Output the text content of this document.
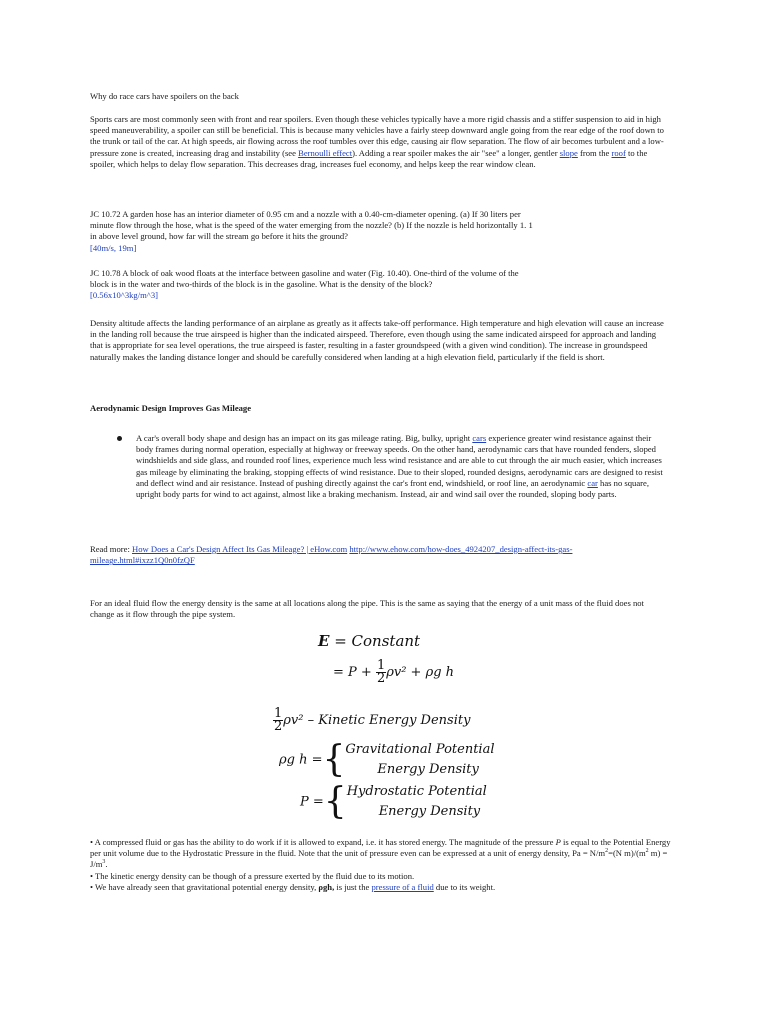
Why do race cars have spoilers on the back

Sports cars are most commonly seen with front and rear spoilers. Even though these vehicles typically have a more rigid chassis and a stiffer suspension to aid in high speed maneuverability, a spoiler can still be beneficial. This is because many vehicles have a fairly steep downward angle going from the rear edge of the roof down to the trunk or tail of the car. At high speeds, air flowing across the roof tumbles over this edge, causing air flow separation. The flow of air becomes turbulent and a low-pressure zone is created, increasing drag and instability (see Bernoulli effect). Adding a rear spoiler makes the air "see" a longer, gentler slope from the roof to the spoiler, which helps to delay flow separation. This decreases drag, increases fuel economy, and helps keep the rear window clean.

JC 10.72 A garden hose has an interior diameter of 0.95 cm and a nozzle with a 0.40-cm-diameter opening. (a) If 30 liters per
minute flow through the hose, what is the speed of the water emerging from the nozzle? (b) If the nozzle is held horizontally 1. 1
in above level ground, how far will the stream go before it hits the ground?
[40m/s, 19m]
JC 10.78 A block of oak wood floats at the interface between gasoline and water (Fig. 10.40). One-third of the volume of the
block is in the water and two-thirds of the block is in the gasoline. What is the density of the block?
[0.56x10^3kg/m^3]

Density altitude affects the landing performance of an airplane as greatly as it affects take-off performance. High temperature and high elevation will cause an increase in the landing roll because the true airspeed is higher than the indicated airspeed. Therefore, even though using the same indicated airspeed for approach and landing that is appropriate for sea level operations, the true airspeed is faster, resulting in a faster groundspeed (with a given wind condition). The increase in groundspeed naturally makes the landing distance longer and should be carefully considered when landing at a high elevation field, particularly if the field is short.

Aerodynamic Design Improves Gas Mileage

A car's overall body shape and design has an impact on its gas mileage rating. Big, bulky, upright cars experience greater wind resistance against their body frames during normal operation, especially at highway or freeway speeds. On the other hand, aerodynamic cars that have rounded fenders, sloped windshields and side glass, and rounded roof lines, experience much less wind resistance and are able to cut through the air much easier, which increases gas mileage by eliminating the braking, stopping effects of wind resistance. Due to their sloped, rounded designs, aerodynamic cars are designed to resist and deflect wind and air resistance. Instead of pushing directly against the car's front end, windshield, or roof line, an aerodynamic car has no square, upright body parts for wind to act against, almost like a braking mechanism. Instead, air and wind sail over the rounded, sloping body parts.

Read more: How Does a Car's Design Affect Its Gas Mileage? | eHow.com http://www.ehow.com/how-does_4924207_design-affect-its-gas-mileage.html#ixzz1Q0n0fzQF

For an ideal fluid flow the energy density is the same at all locations along the pipe. This is the same as saying that the energy of a unit mass of the fluid does not change as it flow through the pipe system.

E = Constant
= $P + \frac{1}{2} \rho v^2 + \rho g$ h
$\frac{1}{2} \rho v^2$ – Kinetic Energy Density
ρg h ={ Gravitational Potential
Energy Density
P ={ Hydrostatic Potential
Energy Density
• A compressed fluid or gas has the ability to do work if it is allowed to expand, i.e. it has stored energy. The magnitude of the pressure P is equal to the Potential Energy per unit volume due to the Hydrostatic Pressure in the fluid. Note that the unit of pressure even can be expressed at a unit of energy density, $Pa = N/m^2=(N$ $m)/(m^2$ $m) = J/m^3$.
• The kinetic energy density can be though of a pressure exerted by the fluid due to its motion.
• We have already seen that gravitational potential energy density, ρgh, is just the pressure of a fluid due to its weight.
